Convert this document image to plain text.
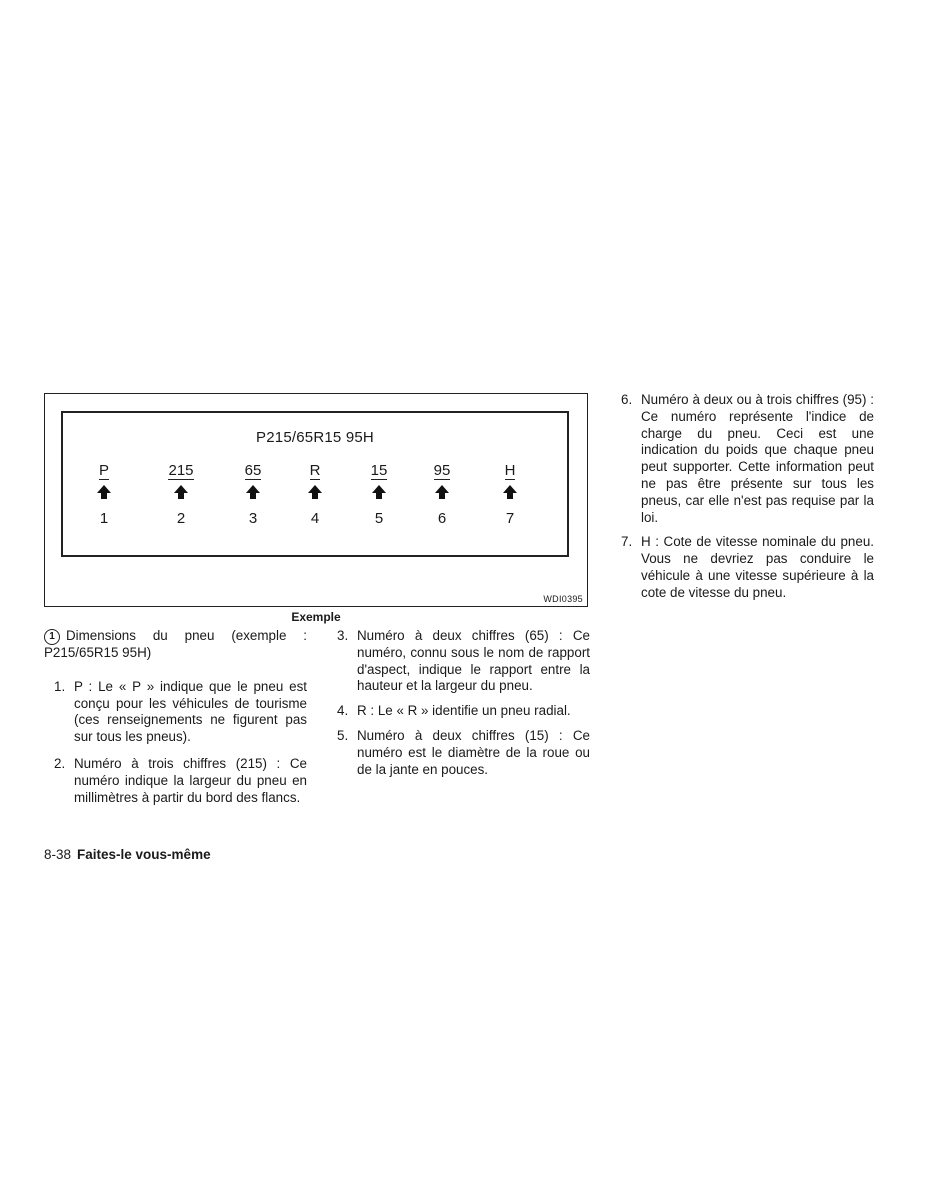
P215/65R15 95H
P
1
215
2
65
3
R
4
15
5
95
6
H
7
WDI0395
Exemple

1 Dimensions du pneu (exemple : P215/65R15 95H)

1. P : Le « P » indique que le pneu est conçu pour les véhicules de tourisme (ces renseignements ne figurent pas sur tous les pneus).

2. Numéro à trois chiffres (215) : Ce numéro indique la largeur du pneu en millimètres à partir du bord des flancs.

3. Numéro à deux chiffres (65) : Ce numéro, connu sous le nom de rapport d'aspect, indique le rapport entre la hauteur et la largeur du pneu.

4. R : Le « R » identifie un pneu radial.

5. Numéro à deux chiffres (15) : Ce numéro est le diamètre de la roue ou de la jante en pouces.

6. Numéro à deux ou à trois chiffres (95) : Ce numéro représente l'indice de charge du pneu. Ceci est une indication du poids que chaque pneu peut supporter. Cette information peut ne pas être présente sur tous les pneus, car elle n'est pas requise par la loi.

7. H : Cote de vitesse nominale du pneu. Vous ne devriez pas conduire le véhicule à une vitesse supérieure à la cote de vitesse du pneu.

8-38 Faites-le vous-même
